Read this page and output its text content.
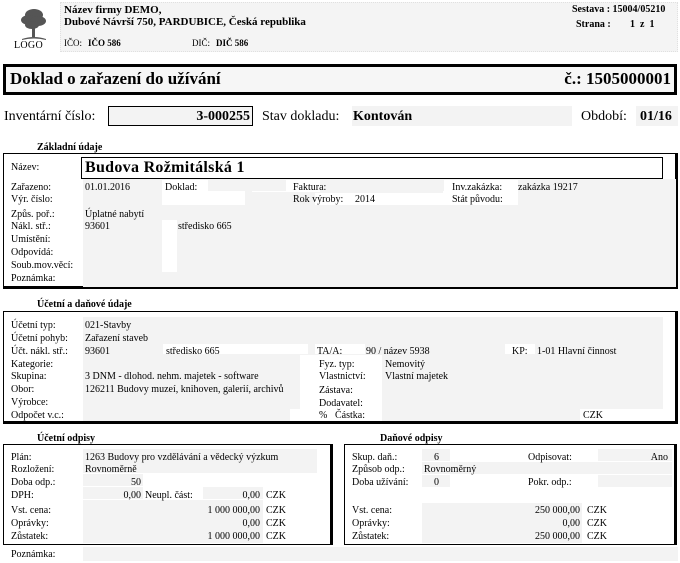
LOGO
Název firmy DEMO,
Dubové Návrší 750, PARDUBICE, Česká republika
IČO: IČO 586	DIČ: DIČ 586
Sestava : 15004/05210
Strana : 1  z  1
Doklad o zařazení do užívání	č.: 1505000001
Inventární číslo:	3-000255 Stav dokladu: Kontován	Období: 01/16
Základní údaje
Název:	Budova Rožmitálská 1
Zařazeno:	01.01.2016	Doklad:	Faktura:	Inv.zakázka: zakázka 19217
Výr. číslo:	Rok výroby: 2014	Stát původu:
Způs. poř.:	Úplatné nabytí
Nákl. stř.:	93601	středisko 665
Umístění:
Odpovídá:
Soub.mov.věcí:
Poznámka:
Účetní a daňové údaje
Účetní typ:	021-Stavby
Účetní pohyb: Zařazení staveb
Účt. nákl. stř.: 93601	středisko 665	TA/A: 90 / název 5938	KP: 1-01 Hlavní činnost
Kategorie:	Fyz. typ:	Nemovitý
Skupina:	3 DNM - dlohod. nehm. majetek - software	Vlastnictví: Vlastní majetek
Obor:	126211 Budovy muzeí, knihoven, galerií, archivů	Zástava:
Výrobce:	Dodavatel:
Odpočet v.c.:	% Částka:	CZK
Účetní odpisy
Plán:	1263 Budovy pro vzdělávání a vědecký výzkum
Rozložení:	Rovnoměrně
Doba odp.:	50
DPH:	0,00 Neupl. část:	0,00 CZK
Vst. cena:	1 000 000,00 CZK
Oprávky:	0,00 CZK
Zůstatek:	1 000 000,00 CZK
Daňové odpisy
Skup. daň.:	6	Odpisovat:	Ano
Způsob odp.: Rovnoměrný
Doba užívání:	0	Pokr. odp.:
Vst. cena:	250 000,00 CZK
Oprávky:	0,00 CZK
Zůstatek:	250 000,00 CZK
Poznámka:
